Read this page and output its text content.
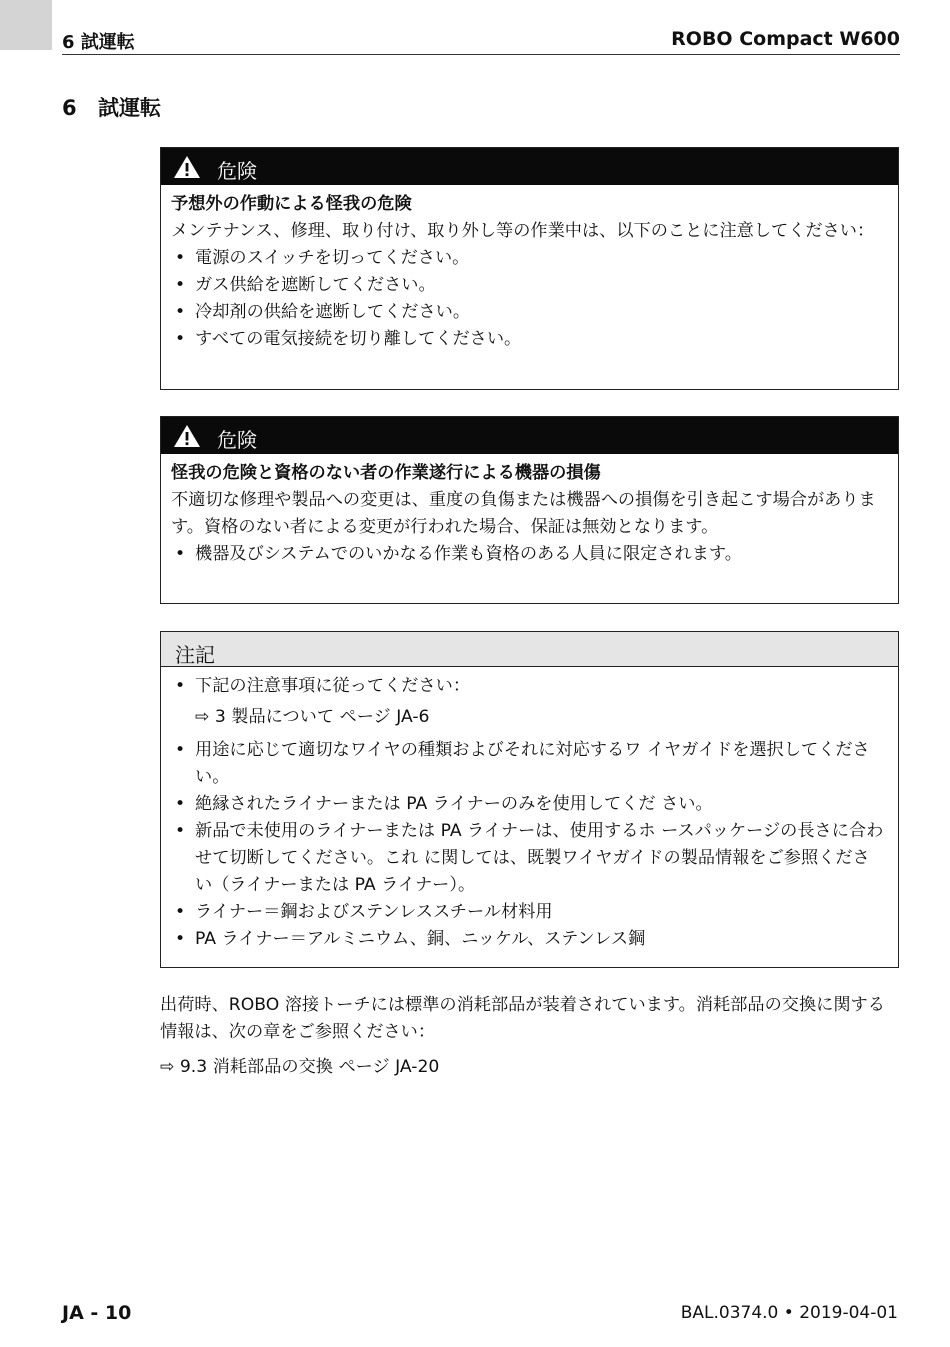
6 試運転	ROBO Compact W600
6 試運転
危険

予想外の作動による怪我の危険

メンテナンス、修理、取り付け、取り外し等の作業中は、以下のことに注意してください：

• 電源のスイッチを切ってください。
• ガス供給を遮断してください。
• 冷却剤の供給を遮断してください。
• すべての電気接続を切り離してください。
危険

怪我の危険と資格のない者の作業遂行による機器の損傷

不適切な修理や製品への変更は、重度の負傷または機器への損傷を引き起こす場合があります。資格のない者による変更が行われた場合、保証は無効となります。

• 機器及びシステムでのいかなる作業も資格のある人員に限定されます。
注記
• 下記の注意事項に従ってください：

⇨ 3 製品について ページ JA-6

• 用途に応じて適切なワイヤの種類およびそれに対応するワ イヤガイドを選択してください。
• 絶縁されたライナーまたは PA ライナーのみを使用してくだ さい。
• 新品で未使用のライナーまたは PA ライナーは、使用するホ ースパッケージの長さに合わせて切断してください。これ に関しては、既製ワイヤガイドの製品情報をご参照くださ い（ライナーまたは PA ライナー）。
• ライナー＝鋼およびステンレススチール材料用
• PA ライナー＝アルミニウム、銅、ニッケル、ステンレス鋼

出荷時、ROBO 溶接トーチには標準の消耗部品が装着されています。消耗部品の交換に関する情報は、次の章をご参照ください：

⇨ 9.3 消耗部品の交換 ページ JA-20

JA - 10	BAL.0374.0 • 2019-04-01
